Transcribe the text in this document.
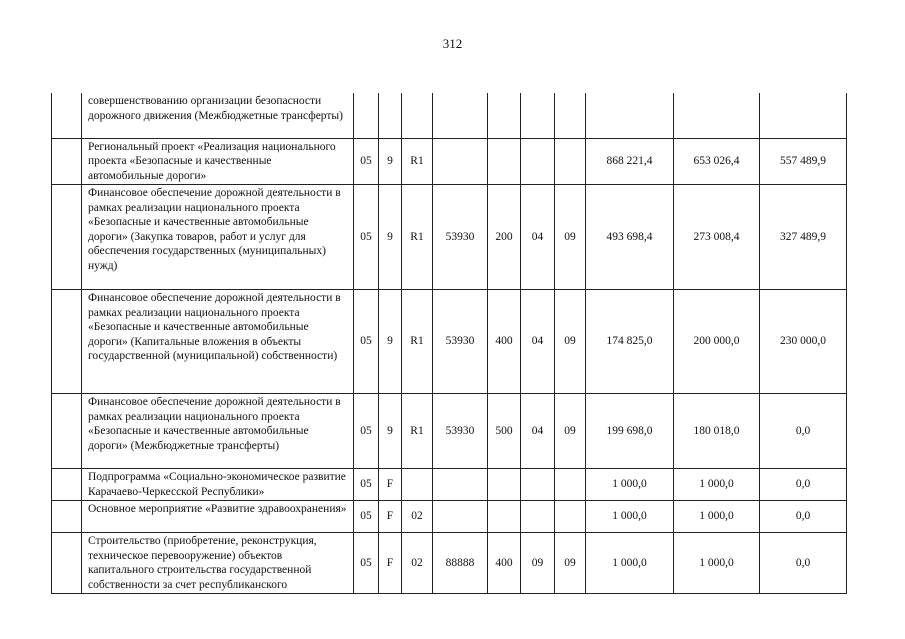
312
	совершенствованию организации безопасности дорожного движения (Межбюджетные трансферты)										
	Региональный проект «Реализация национального проекта «Безопасные и качественные автомобильные дороги»	05	9	R1					868 221,4	653 026,4	557 489,9
	Финансовое обеспечение дорожной деятельности в рамках реализации национального проекта «Безопасные и качественные автомобильные дороги» (Закупка товаров, работ и услуг для обеспечения государственных (муниципальных) нужд)	05	9	R1	53930	200	04	09	493 698,4	273 008,4	327 489,9
	Финансовое обеспечение дорожной деятельности в рамках реализации национального проекта «Безопасные и качественные автомобильные дороги» (Капитальные вложения в объекты государственной (муниципальной) собственности)	05	9	R1	53930	400	04	09	174 825,0	200 000,0	230 000,0
	Финансовое обеспечение дорожной деятельности в рамках реализации национального проекта «Безопасные и качественные автомобильные дороги» (Межбюджетные трансферты)	05	9	R1	53930	500	04	09	199 698,0	180 018,0	0,0
	Подпрограмма «Социально-экономическое развитие Карачаево-Черкесской Республики»	05	F						1 000,0	1 000,0	0,0
	Основное мероприятие «Развитие здравоохранения»	05	F	02					1 000,0	1 000,0	0,0
	Строительство (приобретение, реконструкция, техническое перевооружение) объектов капитального строительства государственной собственности за счет республиканского	05	F	02	88888	400	09	09	1 000,0	1 000,0	0,0
